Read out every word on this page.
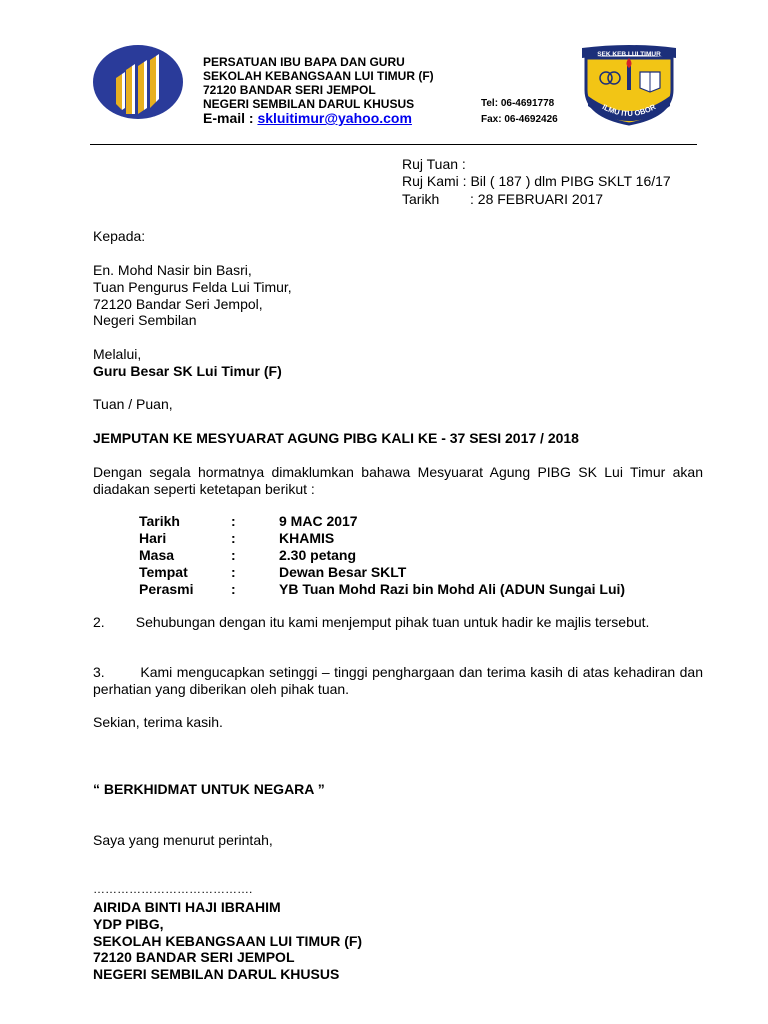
PERSATUAN IBU BAPA DAN GURU
SEKOLAH KEBANGSAAN LUI TIMUR (F)
72120 BANDAR SERI JEMPOL
NEGERI SEMBILAN DARUL KHUSUS
E-mail : skluitimur@yahoo.com
Tel: 06-4691778
Fax: 06-4692426
SEK KEB LUI TIMUR
ILMU ITU OBOR
Ruj Tuan :
Ruj Kami : Bil ( 187 ) dlm PIBG SKLT 16/17
Tarikh : 28 FEBRUARI 2017
Kepada:
En. Mohd Nasir bin Basri,
Tuan Pengurus Felda Lui Timur,
72120 Bandar Seri Jempol,
Negeri Sembilan
Melalui,
Guru Besar SK Lui Timur (F)
Tuan / Puan,
JEMPUTAN KE MESYUARAT AGUNG PIBG KALI KE - 37 SESI 2017 / 2018
Dengan segala hormatnya dimaklumkan bahawa Mesyuarat Agung PIBG SK Lui Timur akan diadakan seperti ketetapan berikut :
Tarikh	:	9 MAC 2017
Hari	:	KHAMIS
Masa	:	2.30 petang
Tempat	:	Dewan Besar SKLT
Perasmi	:	YB Tuan Mohd Razi bin Mohd Ali (ADUN Sungai Lui)
2.        Sehubungan dengan itu kami menjemput pihak tuan untuk hadir ke majlis tersebut.
3.        Kami mengucapkan setinggi – tinggi penghargaan dan terima kasih di atas kehadiran dan perhatian yang diberikan oleh pihak tuan.
Sekian, terima kasih.
“ BERKHIDMAT UNTUK NEGARA ”
Saya yang menurut perintah,
………………………………….
AIRIDA BINTI HAJI IBRAHIM
YDP PIBG,
SEKOLAH KEBANGSAAN LUI TIMUR (F)
72120 BANDAR SERI JEMPOL
NEGERI SEMBILAN DARUL KHUSUS
